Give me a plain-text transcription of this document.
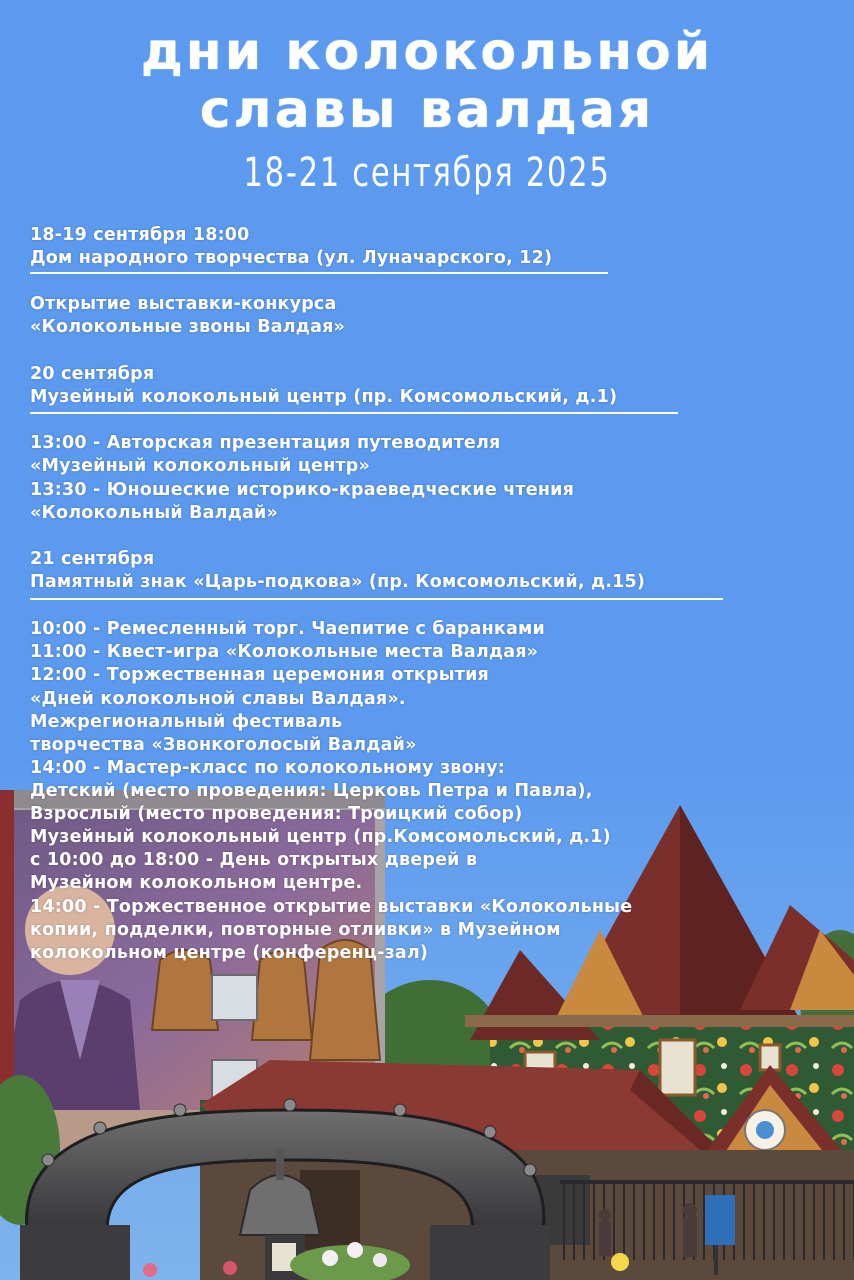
дни колокольной
славы валдая
18-21 сентября 2025
18-19 сентября 18:00
Дом народного творчества (ул. Луначарского, 12)
Открытие выставки-конкурса
«Колокольные звоны Валдая»
20 сентября
Музейный колокольный центр (пр. Комсомольский, д.1)
13:00 - Авторская презентация путеводителя
«Музейный колокольный центр»
13:30 - Юношеские историко-краеведческие чтения
«Колокольный Валдай»
21 сентября
Памятный знак «Царь-подкова» (пр. Комсомольский, д.15)
10:00 - Ремесленный торг. Чаепитие с баранками
11:00 - Квест-игра «Колокольные места Валдая»
12:00 - Торжественная церемония открытия
«Дней колокольной славы Валдая».
Межрегиональный фестиваль
творчества «Звонкоголосый Валдай»
14:00 - Мастер-класс по колокольному звону:
Детский (место проведения: Церковь Петра и Павла),
Взрослый (место проведения: Троицкий собор)
Музейный колокольный центр (пр.Комсомольский, д.1)
с 10:00 до 18:00 - День открытых дверей в
Музейном колокольном центре.
14:00 - Торжественное открытие выставки «Колокольные
копии, подделки, повторные отливки» в Музейном
колокольном центре (конференц-зал)
